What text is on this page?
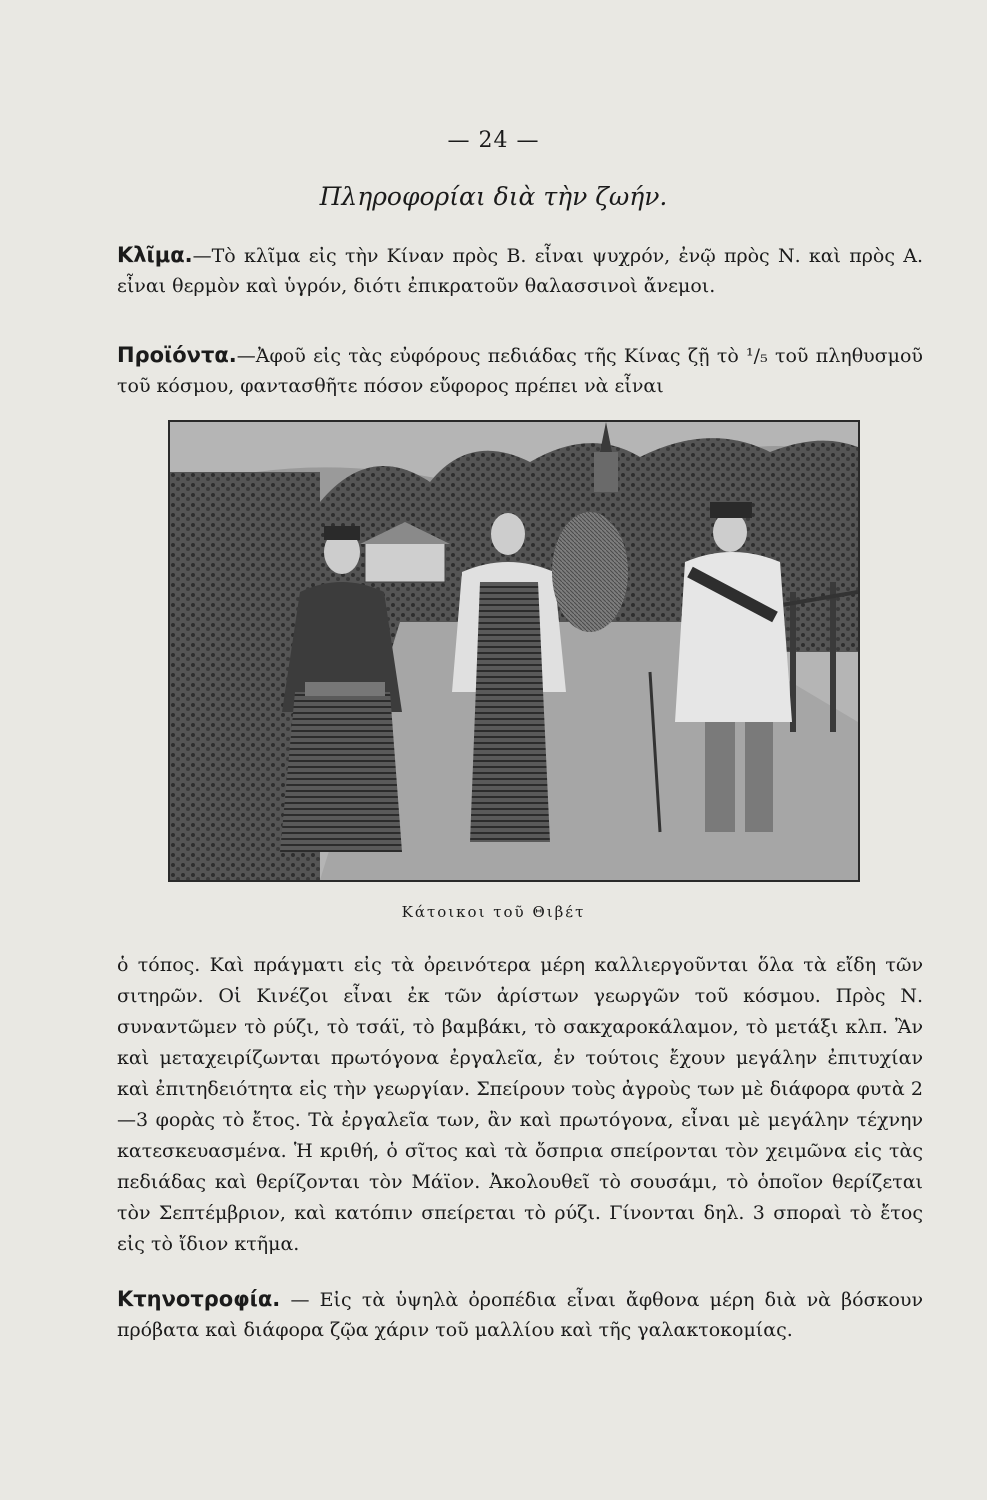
— 24 —
Πληροφορίαι διὰ τὴν ζωήν.
Κλῖμα.—Τὸ κλῖμα εἰς τὴν Κίναν πρὸς Β. εἶναι ψυχρόν, ἐνῷ πρὸς Ν. καὶ πρὸς Α. εἶναι θερμὸν καὶ ὑγρόν, διότι ἐπικρατοῦν θαλασσινοὶ ἄνεμοι.
Προϊόντα.—Ἀφοῦ εἰς τὰς εὐφόρους πεδιάδας τῆς Κίνας ζῇ τὸ ¹/₅ τοῦ πληθυσμοῦ τοῦ κόσμου, φαντασθῆτε πόσον εὔφορος πρέπει νὰ εἶναι
Κάτοικοι τοῦ Θιβέτ
ὁ τόπος. Καὶ πράγματι εἰς τὰ ὀρεινότερα μέρη καλλιεργοῦνται ὅλα τὰ εἴδη τῶν σιτηρῶν. Οἱ Κινέζοι εἶναι ἐκ τῶν ἀρίστων γεωργῶν τοῦ κόσμου. Πρὸς Ν. συναντῶμεν τὸ ρύζι, τὸ τσάϊ, τὸ βαμβάκι, τὸ σακχαροκάλαμον, τὸ μετάξι κλπ. Ἂν καὶ μεταχειρίζωνται πρωτόγονα ἐργαλεῖα, ἐν τούτοις ἔχουν μεγάλην ἐπιτυχίαν καὶ ἐπιτηδειότητα εἰς τὴν γεωργίαν. Σπείρουν τοὺς ἀγροὺς των μὲ διάφορα φυτὰ 2—3 φορὰς τὸ ἔτος. Τὰ ἐργαλεῖα των, ἂν καὶ πρωτόγονα, εἶναι μὲ μεγάλην τέχνην κατεσκευασμένα. Ἡ κριθή, ὁ σῖτος καὶ τὰ ὄσπρια σπείρονται τὸν χειμῶνα εἰς τὰς πεδιάδας καὶ θερίζονται τὸν Μάϊον. Ἀκολουθεῖ τὸ σουσάμι, τὸ ὁποῖον θερίζεται τὸν Σεπτέμβριον, καὶ κατόπιν σπείρεται τὸ ρύζι. Γίνονται δηλ. 3 σποραὶ τὸ ἔτος εἰς τὸ ἴδιον κτῆμα.
Κτηνοτροφία. — Εἰς τὰ ὑψηλὰ ὀροπέδια εἶναι ἄφθονα μέρη διὰ νὰ βόσκουν πρόβατα καὶ διάφορα ζῷα χάριν τοῦ μαλλίου καὶ τῆς γαλακτοκομίας.
